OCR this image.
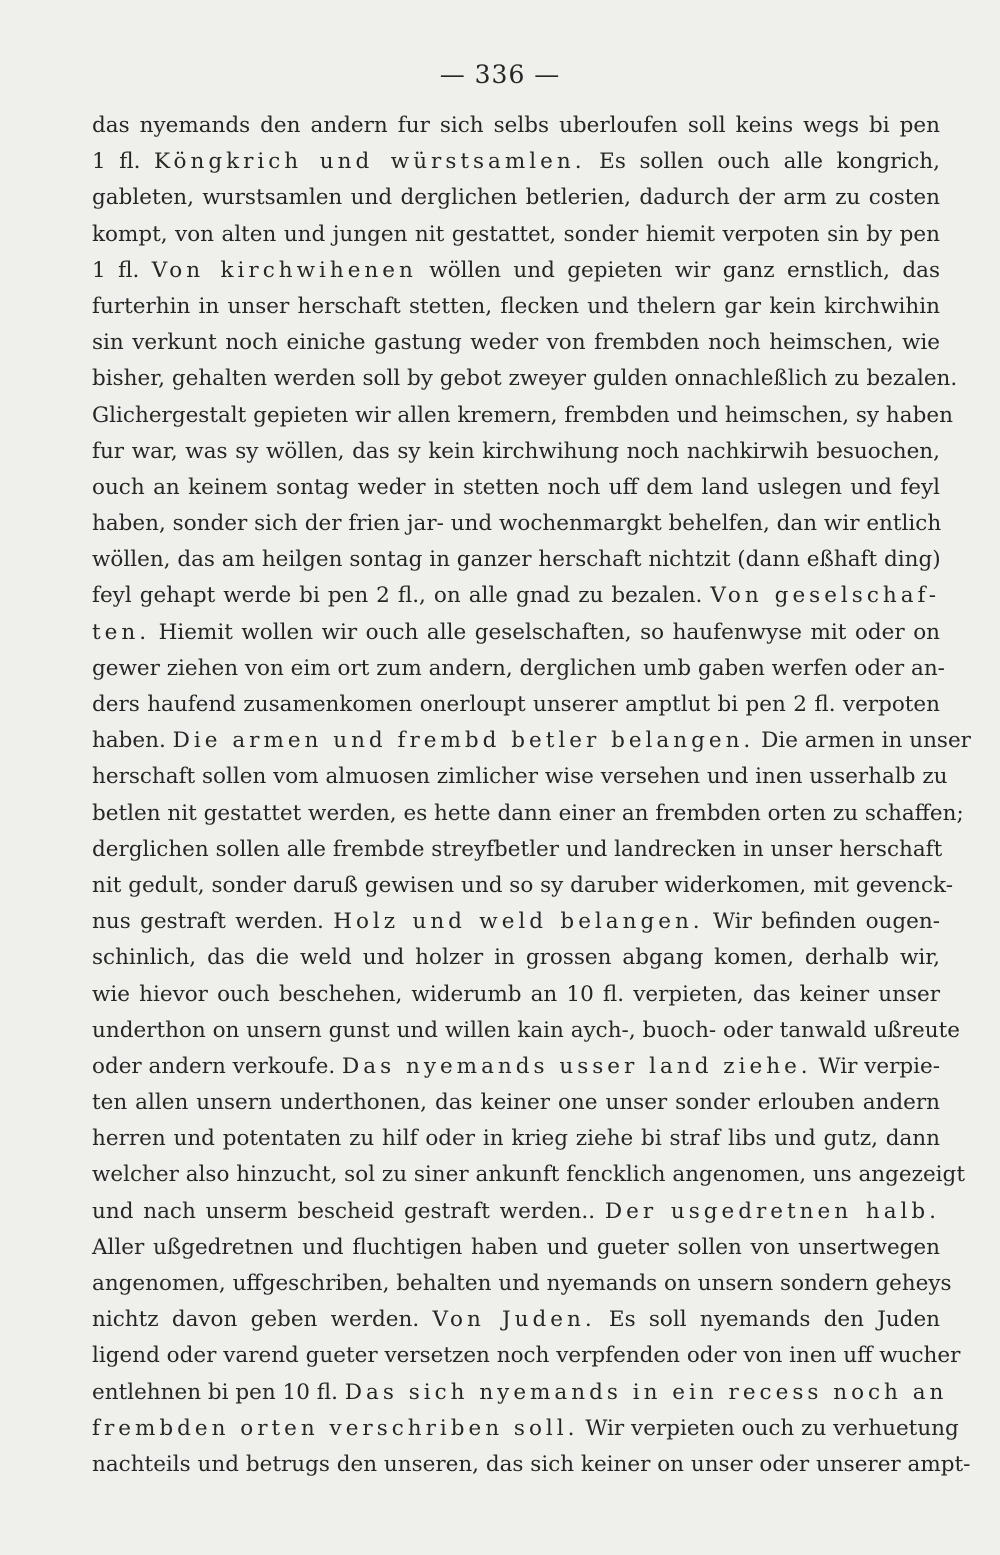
— 336 —
das nyemands den andern fur sich selbs uberloufen soll keins wegs bi pen
1 fl. Köngkrich und würstsamlen. Es sollen ouch alle kongrich,
gableten, wurstsamlen und derglichen betlerien, dadurch der arm zu costen
kompt, von alten und jungen nit gestattet, sonder hiemit verpoten sin by pen
1 fl. Von kirchwihenen wöllen und gepieten wir ganz ernstlich, das
furterhin in unser herschaft stetten, flecken und thelern gar kein kirchwihin
sin verkunt noch einiche gastung weder von frembden noch heimschen, wie
bisher, gehalten werden soll by gebot zweyer gulden onnachleßlich zu bezalen.
Glichergestalt gepieten wir allen kremern, frembden und heimschen, sy haben
fur war, was sy wöllen, das sy kein kirchwihung noch nachkirwih besuochen,
ouch an keinem sontag weder in stetten noch uff dem land uslegen und feyl
haben, sonder sich der frien jar- und wochenmargkt behelfen, dan wir entlich
wöllen, das am heilgen sontag in ganzer herschaft nichtzit (dann eßhaft ding)
feyl gehapt werde bi pen 2 fl., on alle gnad zu bezalen. Von geselschaf-
ten. Hiemit wollen wir ouch alle geselschaften, so haufenwyse mit oder on
gewer ziehen von eim ort zum andern, derglichen umb gaben werfen oder an-
ders haufend zusamenkomen onerloupt unserer amptlut bi pen 2 fl. verpoten
haben. Die armen und frembd betler belangen. Die armen in unser
herschaft sollen vom almuosen zimlicher wise versehen und inen usserhalb zu
betlen nit gestattet werden, es hette dann einer an frembden orten zu schaffen;
derglichen sollen alle frembde streyfbetler und landrecken in unser herschaft
nit gedult, sonder daruß gewisen und so sy daruber widerkomen, mit gevenck-
nus gestraft werden. Holz und weld belangen. Wir befinden ougen-
schinlich, das die weld und holzer in grossen abgang komen, derhalb wir,
wie hievor ouch beschehen, widerumb an 10 fl. verpieten, das keiner unser
underthon on unsern gunst und willen kain aych-, buoch- oder tanwald ußreute
oder andern verkoufe. Das nyemands usser land ziehe. Wir verpie-
ten allen unsern underthonen, das keiner one unser sonder erlouben andern
herren und potentaten zu hilf oder in krieg ziehe bi straf libs und gutz, dann
welcher also hinzucht, sol zu siner ankunft fencklich angenomen, uns angezeigt
und nach unserm bescheid gestraft werden.. Der usgedretnen halb.
Aller ußgedretnen und fluchtigen haben und gueter sollen von unsertwegen
angenomen, uffgeschriben, behalten und nyemands on unsern sondern geheys
nichtz davon geben werden. Von Juden. Es soll nyemands den Juden
ligend oder varend gueter versetzen noch verpfenden oder von inen uff wucher
entlehnen bi pen 10 fl. Das sich nyemands in ein recess noch an
frembden orten verschriben soll. Wir verpieten ouch zu verhuetung
nachteils und betrugs den unseren, das sich keiner on unser oder unserer ampt-
